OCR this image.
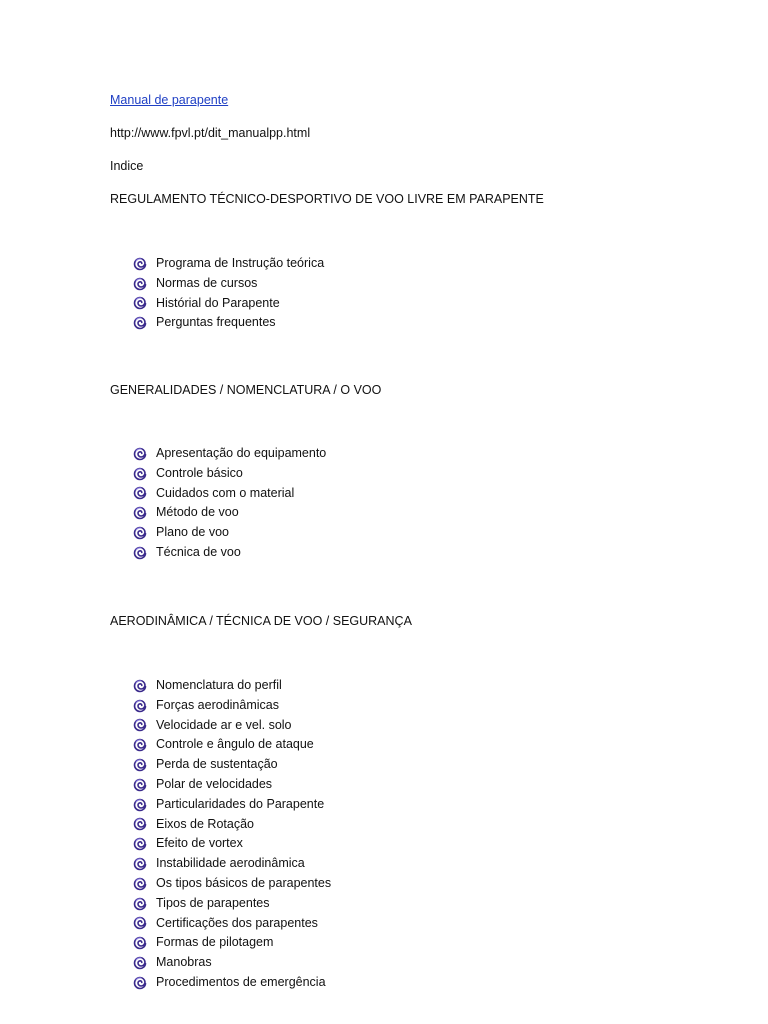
Manual de parapente
http://www.fpvl.pt/dit_manualpp.html
Indice
REGULAMENTO TÉCNICO-DESPORTIVO DE VOO LIVRE EM PARAPENTE
Programa de Instrução teórica
Normas de cursos
Histórial do Parapente
Perguntas frequentes
GENERALIDADES / NOMENCLATURA / O VOO
Apresentação do equipamento
Controle básico
Cuidados com o material
Método de voo
Plano de voo
Técnica de voo
AERODINÂMICA / TÉCNICA DE VOO / SEGURANÇA
Nomenclatura do perfil
Forças aerodinâmicas
Velocidade ar e vel. solo
Controle e ângulo de ataque
Perda de sustentação
Polar de velocidades
Particularidades do Parapente
Eixos de Rotação
Efeito de vortex
Instabilidade aerodinâmica
Os tipos básicos de parapentes
Tipos de parapentes
Certificações dos parapentes
Formas de pilotagem
Manobras
Procedimentos de emergência
